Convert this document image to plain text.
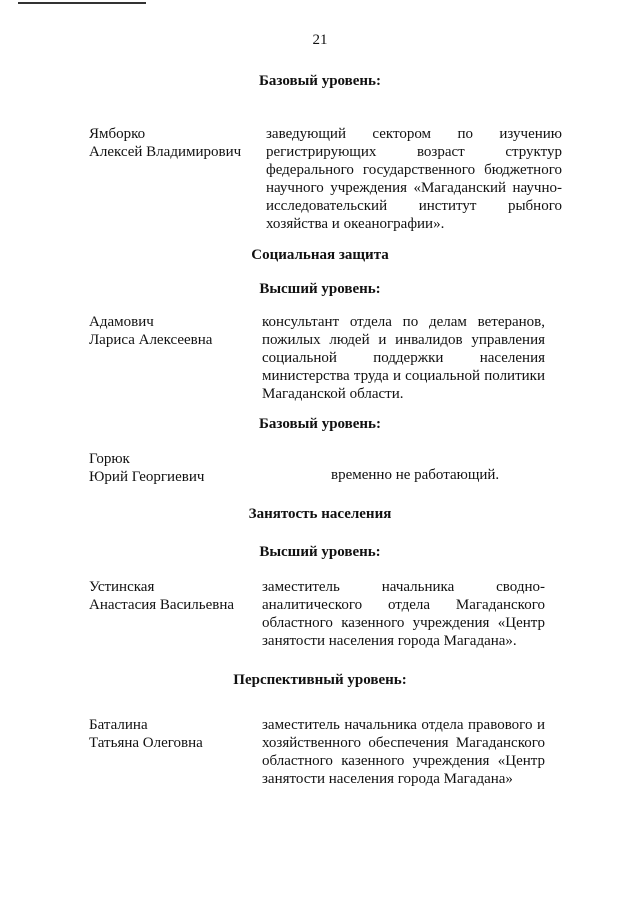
21
Базовый уровень:
Ямборко
Алексей Владимирович
заведующий сектором по изучению
регистрирующих возраст структур
федерального государственного бюджетного
научного учреждения «Магаданский научно-
исследовательский институт рыбного
хозяйства и океанографии».
Социальная защита
Высший уровень:
Адамович
Лариса Алексеевна
консультант отдела по делам ветеранов,
пожилых людей и инвалидов управления
социальной поддержки населения
министерства труда и социальной политики
Магаданской области.
Базовый уровень:
Горюк
Юрий Георгиевич	временно не работающий.
Занятость населения
Высший уровень:
Устинская
Анастасия Васильевна
заместитель начальника сводно-
аналитического отдела Магаданского
областного казенного учреждения «Центр
занятости населения города Магадана».
Перспективный уровень:
Баталина
Татьяна Олеговна
заместитель начальника отдела правового и
хозяйственного обеспечения Магаданского
областного казенного учреждения «Центр
занятости населения города Магадана»
